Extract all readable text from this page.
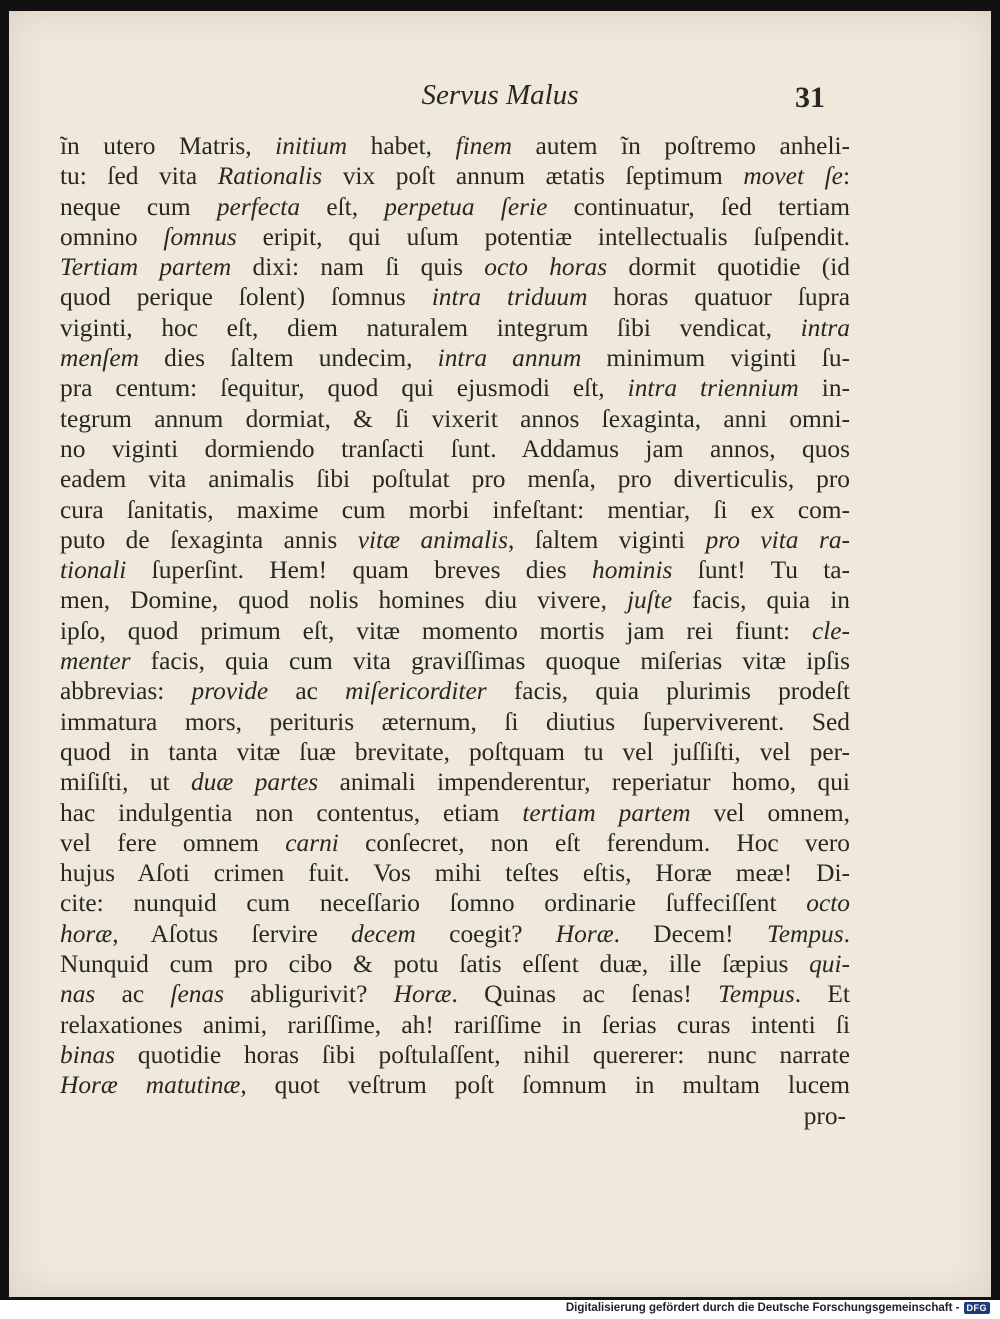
Servus Malus	31
ĩn utero Matris, initium habet, finem autem ĩn poſtremo anheli-
tu: ſed vita Rationalis vix poſt annum ætatis ſeptimum movet ſe:
neque cum perfecta eſt, perpetua ſerie continuatur, ſed tertiam
omnino ſomnus eripit, qui uſum potentiæ intellectualis ſuſpendit.
Tertiam partem dixi: nam ſi quis octo horas dormit quotidie (id
quod perique ſolent) ſomnus intra triduum horas quatuor ſupra
viginti, hoc eſt, diem naturalem integrum ſibi vendicat, intra
menſem dies ſaltem undecim, intra annum minimum viginti ſu-
pra centum: ſequitur, quod qui ejusmodi eſt, intra triennium in-
tegrum annum dormiat, & ſi vixerit annos ſexaginta, anni omni-
no viginti dormiendo tranſacti ſunt. Addamus jam annos, quos
eadem vita animalis ſibi poſtulat pro menſa, pro diverticulis, pro
cura ſanitatis, maxime cum morbi infeſtant: mentiar, ſi ex com-
puto de ſexaginta annis vitæ animalis, ſaltem viginti pro vita ra-
tionali ſuperſint. Hem! quam breves dies hominis ſunt! Tu ta-
men, Domine, quod nolis homines diu vivere, juſte facis, quia in
ipſo, quod primum eſt, vitæ momento mortis jam rei fiunt: cle-
menter facis, quia cum vita graviſſimas quoque miſerias vitæ ipſis
abbrevias: provide ac miſericorditer facis, quia plurimis prodeſt
immatura mors, perituris æternum, ſi diutius ſuperviverent. Sed
quod in tanta vitæ ſuæ brevitate, poſtquam tu vel juſſiſti, vel per-
miſiſti, ut duæ partes animali impenderentur, reperiatur homo, qui
hac indulgentia non contentus, etiam tertiam partem vel omnem,
vel fere omnem carni conſecret, non eſt ferendum. Hoc vero
hujus Aſoti crimen fuit. Vos mihi teſtes eſtis, Horæ meæ! Di-
cite: nunquid cum neceſſario ſomno ordinarie ſuffeciſſent octo
horæ, Aſotus ſervire decem coegit? Horæ. Decem! Tempus.
Nunquid cum pro cibo & potu ſatis eſſent duæ, ille ſæpius qui-
nas ac ſenas abligurivit? Horæ. Quinas ac ſenas! Tempus. Et
relaxationes animi, rariſſime, ah! rariſſime in ſerias curas intenti ſi
binas quotidie horas ſibi poſtulaſſent, nihil quererer: nunc narrate
Horæ matutinæ, quot veſtrum poſt ſomnum in multam lucem
pro-
Digitalisierung gefördert durch die Deutsche Forschungsgemeinschaft - DFG
